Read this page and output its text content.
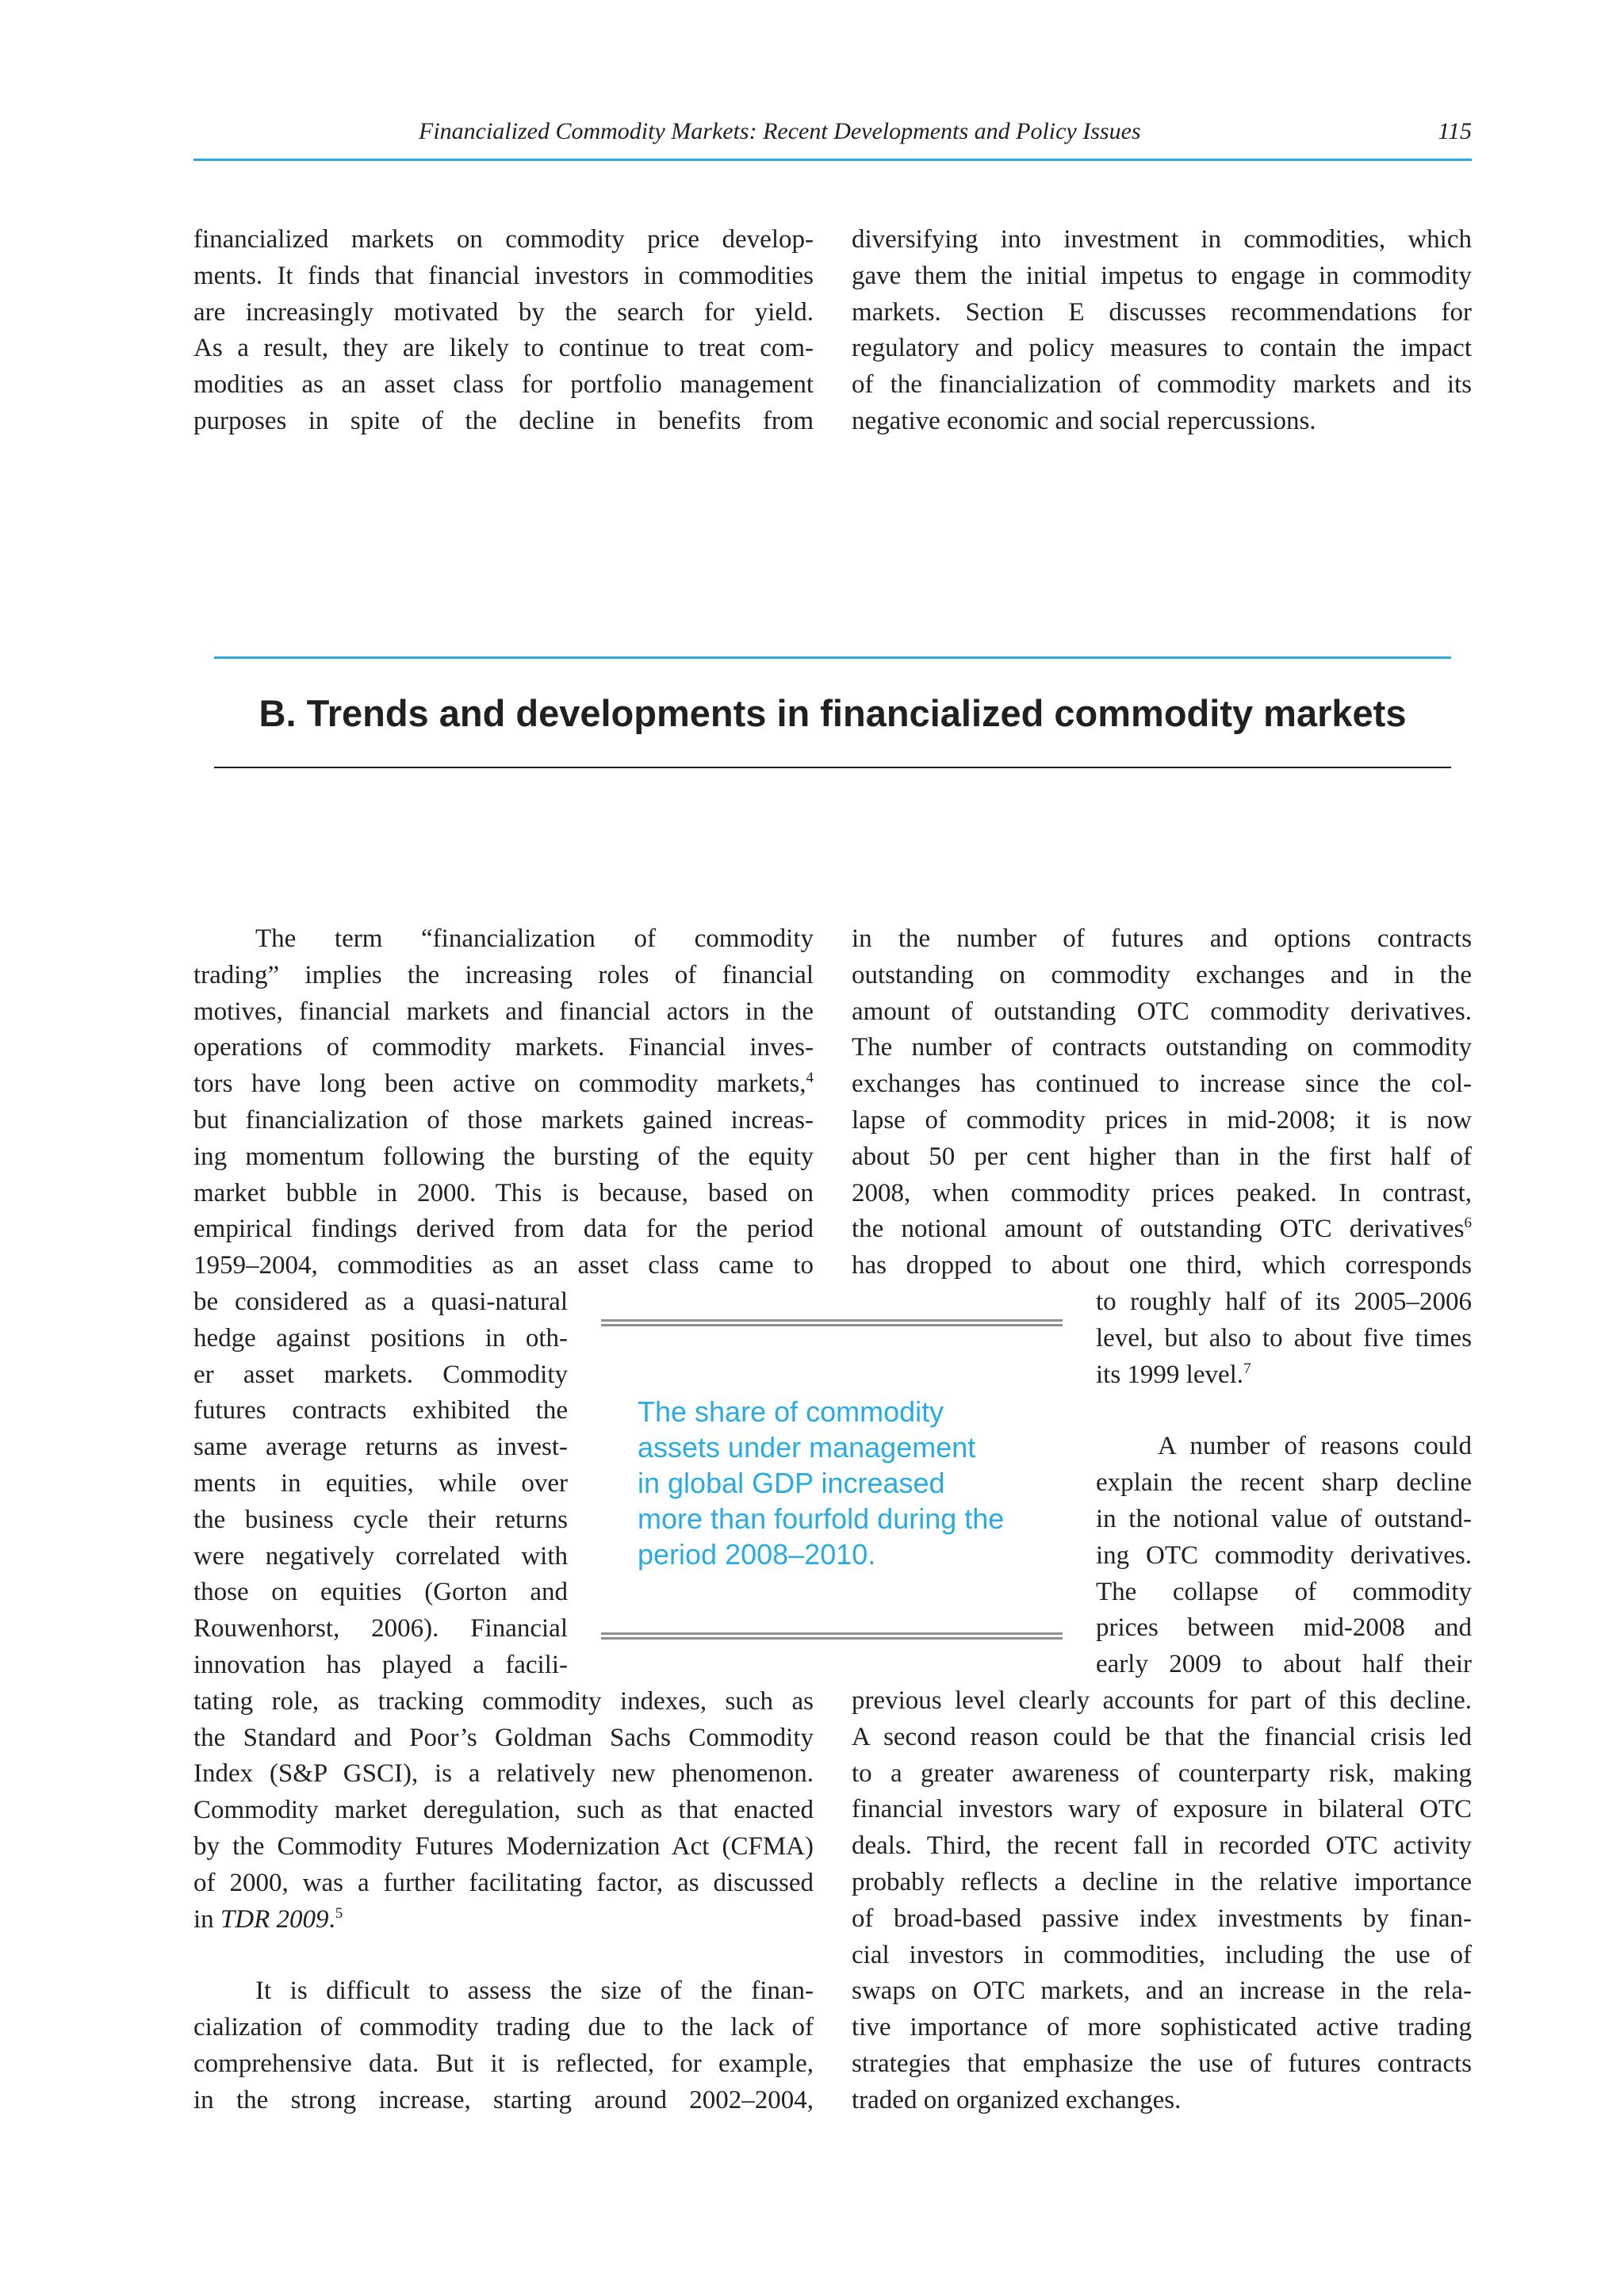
Financialized Commodity Markets: Recent Developments and Policy Issues	115
financialized markets on commodity price develop-
ments. It finds that financial investors in commodities
are increasingly motivated by the search for yield.
As a result, they are likely to continue to treat com-
modities as an asset class for portfolio management
purposes in spite of the decline in benefits from
diversifying into investment in commodities, which
gave them the initial impetus to engage in commodity
markets. Section E discusses recommendations for
regulatory and policy measures to contain the impact
of the financialization of commodity markets and its
negative economic and social repercussions.
B. Trends and developments in financialized commodity markets
The term “financialization of commodity
trading” implies the increasing roles of financial
motives, financial markets and financial actors in the
operations of commodity markets. Financial inves-
tors have long been active on commodity markets,$^4$
but financialization of those markets gained increas-
ing momentum following the bursting of the equity
market bubble in 2000. This is because, based on
empirical findings derived from data for the period
1959–2004, commodities as an asset class came to
be considered as a quasi-natural
hedge against positions in oth-
er asset markets. Commodity
futures contracts exhibited the
same average returns as invest-
ments in equities, while over
the business cycle their returns
were negatively correlated with
those on equities (Gorton and
Rouwenhorst, 2006). Financial
innovation has played a facili-
tating role, as tracking commodity indexes, such as
the Standard and Poor’s Goldman Sachs Commodity
Index (S&P GSCI), is a relatively new phenomenon.
Commodity market deregulation, such as that enacted
by the Commodity Futures Modernization Act (CFMA)
of 2000, was a further facilitating factor, as discussed
in TDR 2009.$^5$
It is difficult to assess the size of the finan-
cialization of commodity trading due to the lack of
comprehensive data. But it is reflected, for example,
in the strong increase, starting around 2002–2004,
in the number of futures and options contracts
outstanding on commodity exchanges and in the
amount of outstanding OTC commodity derivatives.
The number of contracts outstanding on commodity
exchanges has continued to increase since the col-
lapse of commodity prices in mid-2008; it is now
about 50 per cent higher than in the first half of
2008, when commodity prices peaked. In contrast,
the notional amount of outstanding OTC derivatives$^6$
has dropped to about one third, which corresponds
to roughly half of its 2005–2006
level, but also to about five times
its 1999 level.$^7$
A number of reasons could
explain the recent sharp decline
in the notional value of outstand-
ing OTC commodity derivatives.
The collapse of commodity
prices between mid-2008 and
early 2009 to about half their
previous level clearly accounts for part of this decline.
A second reason could be that the financial crisis led
to a greater awareness of counterparty risk, making
financial investors wary of exposure in bilateral OTC
deals. Third, the recent fall in recorded OTC activity
probably reflects a decline in the relative importance
of broad-based passive index investments by finan-
cial investors in commodities, including the use of
swaps on OTC markets, and an increase in the rela-
tive importance of more sophisticated active trading
strategies that emphasize the use of futures contracts
traded on organized exchanges.
The share of commodity
assets under management
in global GDP increased
more than fourfold during the
period 2008–2010.
